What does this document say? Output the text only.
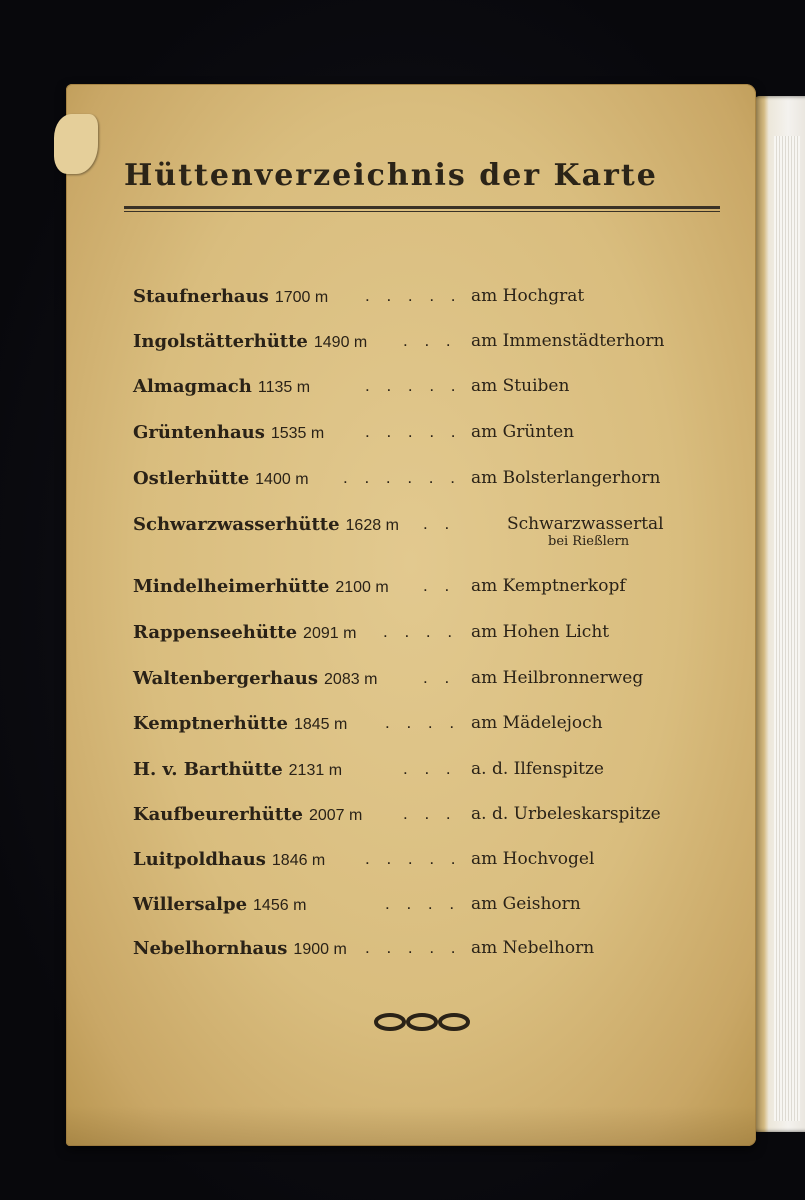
Hüttenverzeichnis der Karte
Staufnerhaus 1700 m . . . . . am Hochgrat
Ingolstätterhütte 1490 m . . . am Immenstädterhorn
Almagmach 1135 m	. . . . . am Stuiben
Grüntenhaus 1535 m . . . . . am Grünten
Ostlerhütte 1400 m . . . . . . am Bolsterlangerhorn
Schwarzwasserhütte 1628 m . .	Schwarzwassertal
bei Rießlern
Mindelheimerhütte 2100 m . . am Kemptnerkopf
Rappenseehütte 2091 m . . . . am Hohen Licht
Waltenbergerhaus 2083 m	. . am Heilbronnerweg
Kemptnerhütte 1845 m . . . . am Mädelejoch
H. v. Barthütte 2131 m	. . . a. d. Ilfenspitze
Kaufbeurerhütte 2007 m . . . a. d. Urbeleskarspitze
Luitpoldhaus 1846 m . . . . . am Hochvogel
Willersalpe 1456 m	. . . . am Geishorn
Nebelhornhaus 1900 m . . . . . am Nebelhorn
